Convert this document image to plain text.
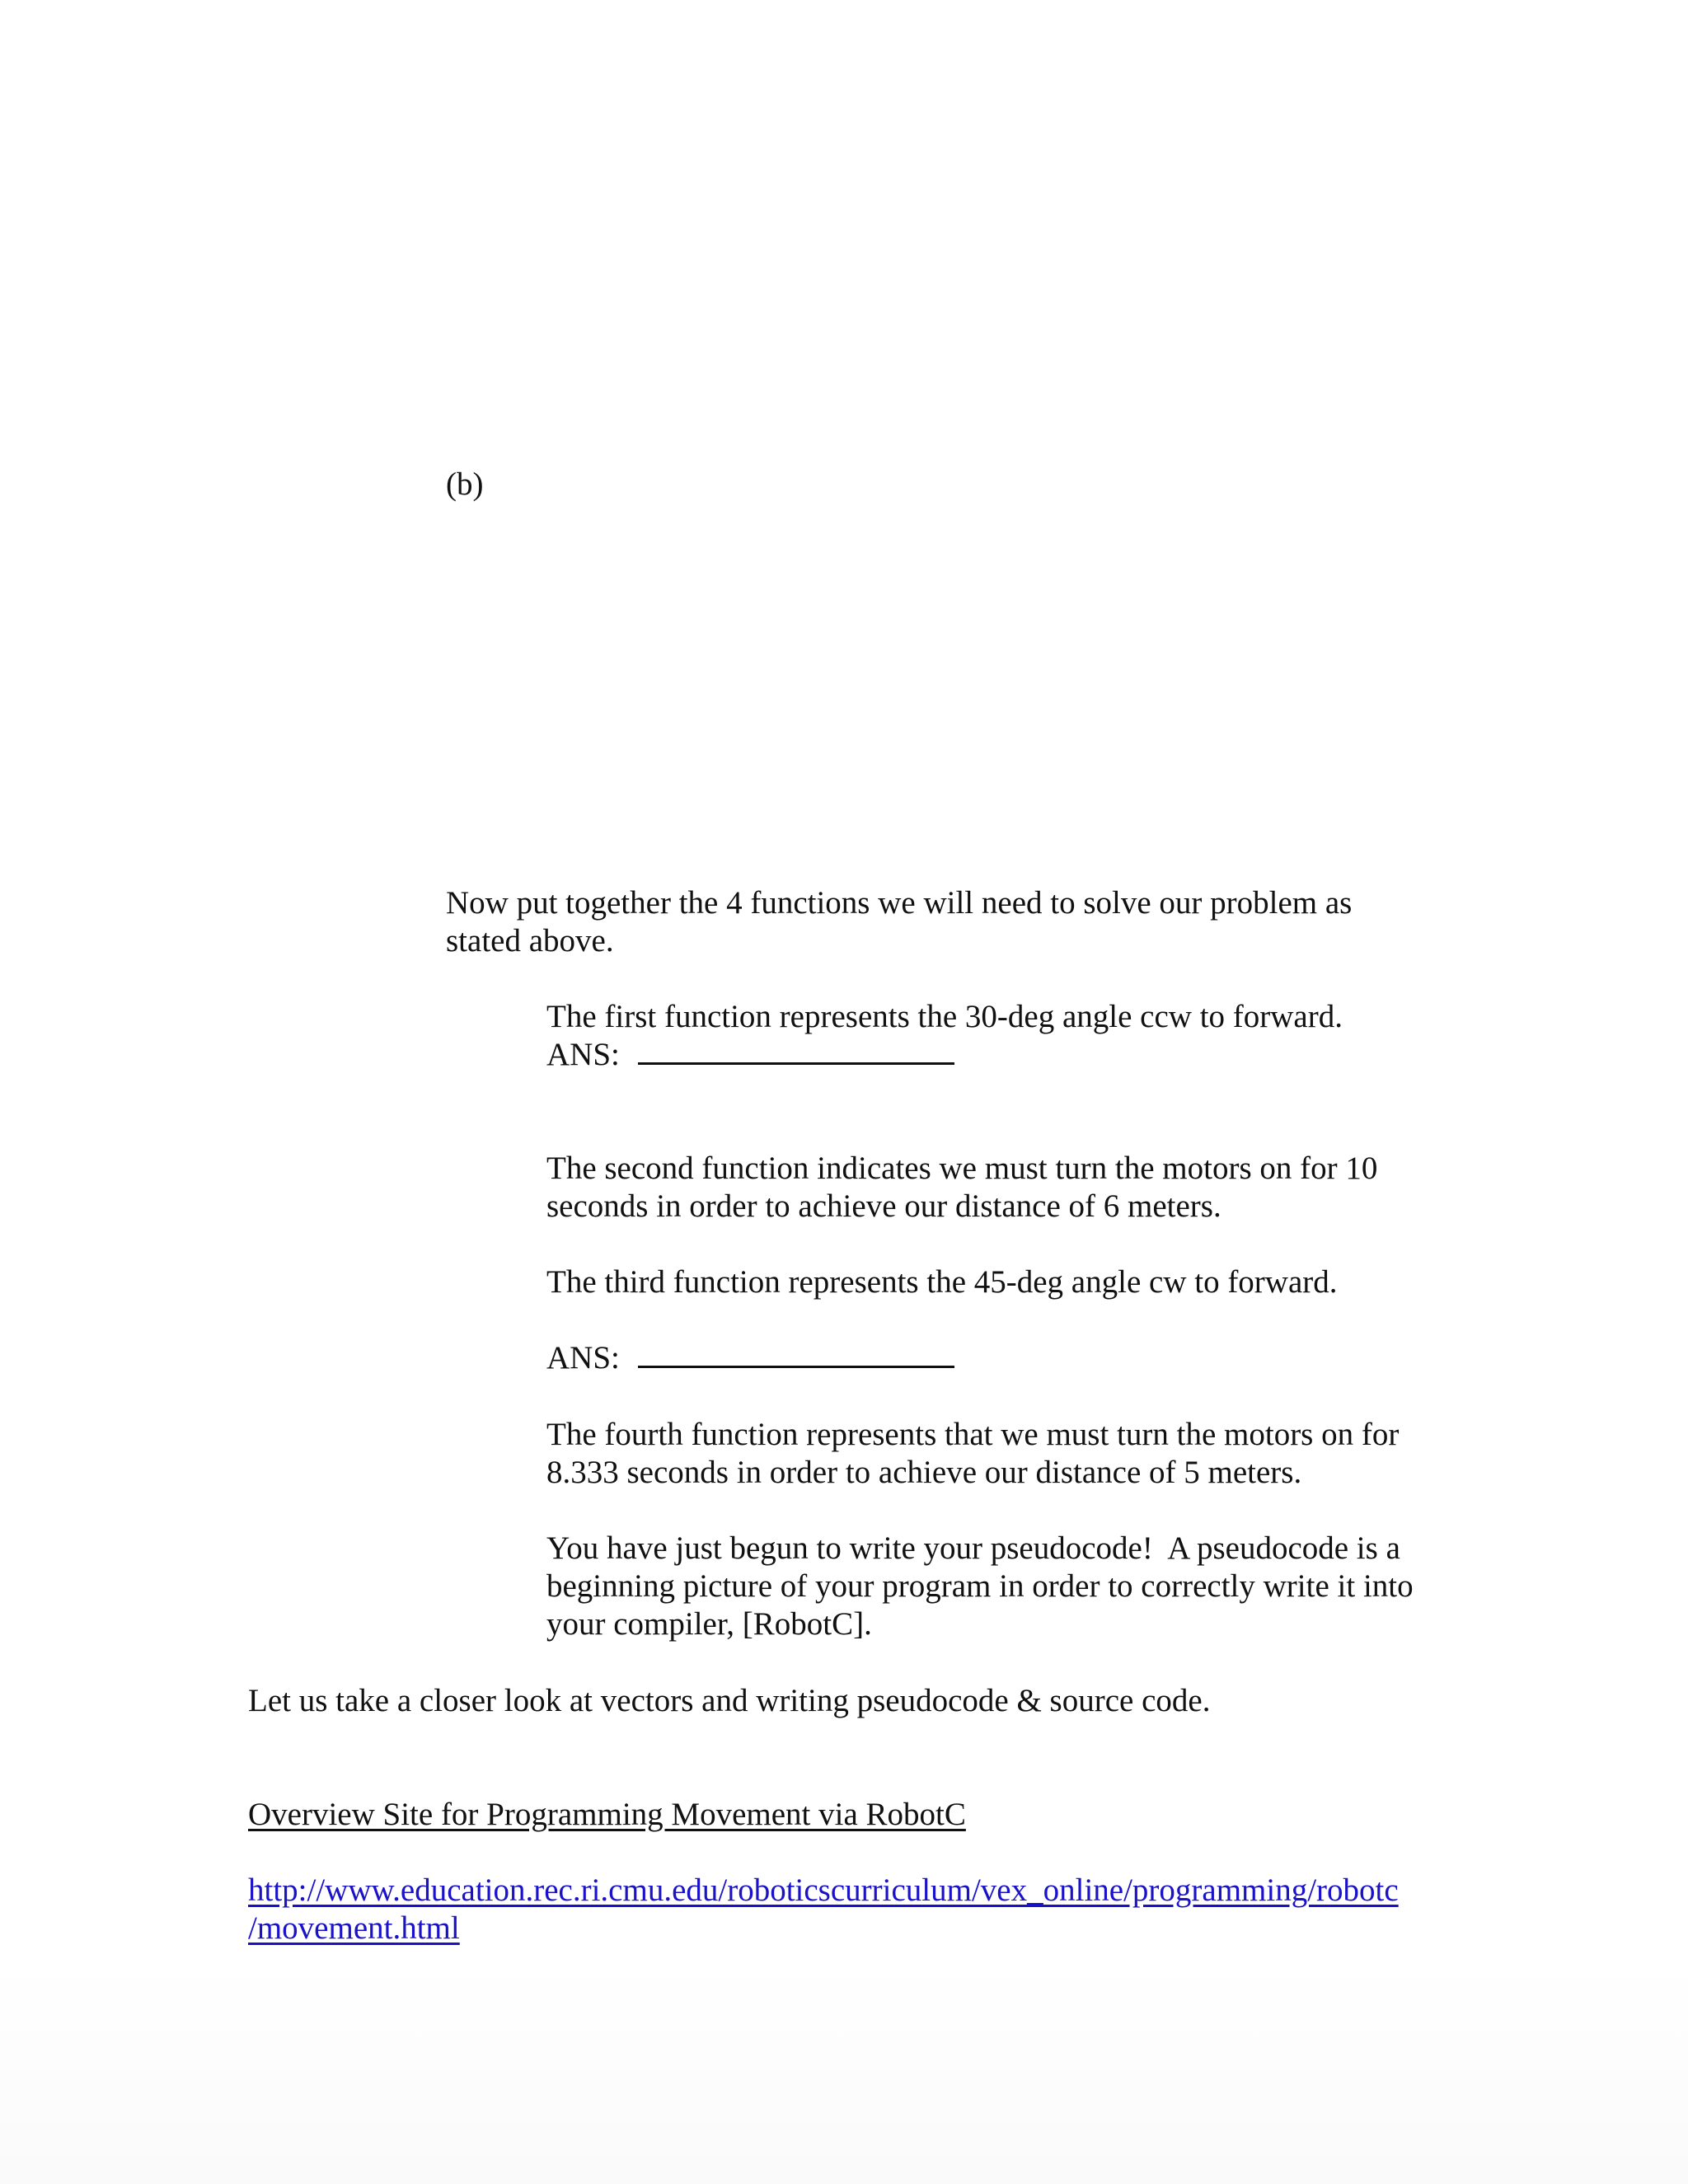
(b)

Now put together the 4 functions we will need to solve our problem as

stated above.

The first function represents the 30-deg angle ccw to forward.

ANS:

The second function indicates we must turn the motors on for 10

seconds in order to achieve our distance of 6 meters.

The third function represents the 45-deg angle cw to forward.

ANS:

The fourth function represents that we must turn the motors on for

8.333 seconds in order to achieve our distance of 5 meters.

You have just begun to write your pseudocode!  A pseudocode is a

beginning picture of your program in order to correctly write it into

your compiler, [RobotC].

Let us take a closer look at vectors and writing pseudocode & source code.

Overview Site for Programming Movement via RobotC

http://www.education.rec.ri.cmu.edu/roboticscurriculum/vex_online/programming/robotc

/movement.html
